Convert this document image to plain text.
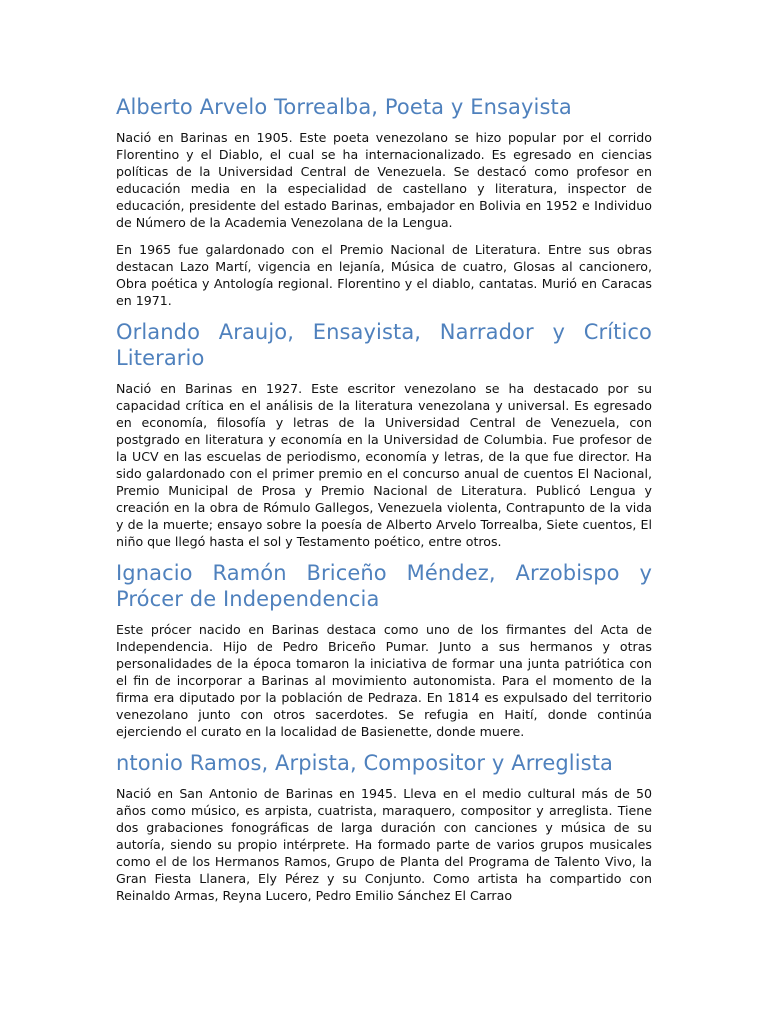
Alberto Arvelo Torrealba, Poeta y Ensayista

Nació en Barinas en 1905. Este poeta venezolano se hizo popular por el corrido Florentino y el Diablo, el cual se ha internacionalizado. Es egresado en ciencias políticas de la Universidad Central de Venezuela. Se destacó como profesor en educación media en la especialidad de castellano y literatura, inspector de educación, presidente del estado Barinas, embajador en Bolivia en 1952 e Individuo de Número de la Academia Venezolana de la Lengua.

En 1965 fue galardonado con el Premio Nacional de Literatura. Entre sus obras destacan Lazo Martí, vigencia en lejanía, Música de cuatro, Glosas al cancionero, Obra poética y Antología regional. Florentino y el diablo, cantatas. Murió en Caracas en 1971.

Orlando Araujo, Ensayista, Narrador y Crítico Literario

Nació en Barinas en 1927. Este escritor venezolano se ha destacado por su capacidad crítica en el análisis de la literatura venezolana y universal. Es egresado en economía, filosofía y letras de la Universidad Central de Venezuela, con postgrado en literatura y economía en la Universidad de Columbia. Fue profesor de la UCV en las escuelas de periodismo, economía y letras, de la que fue director. Ha sido galardonado con el primer premio en el concurso anual de cuentos El Nacional, Premio Municipal de Prosa y Premio Nacional de Literatura. Publicó Lengua y creación en la obra de Rómulo Gallegos, Venezuela violenta, Contrapunto de la vida y de la muerte; ensayo sobre la poesía de Alberto Arvelo Torrealba, Siete cuentos, El niño que llegó hasta el sol y Testamento poético, entre otros.

Ignacio Ramón Briceño Méndez, Arzobispo y Prócer de Independencia

Este prócer nacido en Barinas destaca como uno de los firmantes del Acta de Independencia. Hijo de Pedro Briceño Pumar. Junto a sus hermanos y otras personalidades de la época tomaron la iniciativa de formar una junta patriótica con el fin de incorporar a Barinas al movimiento autonomista. Para el momento de la firma era diputado por la población de Pedraza. En 1814 es expulsado del territorio venezolano junto con otros sacerdotes. Se refugia en Haití, donde continúa ejerciendo el curato en la localidad de Basienette, donde muere.

ntonio Ramos, Arpista, Compositor y Arreglista

Nació en San Antonio de Barinas en 1945. Lleva en el medio cultural más de 50 años como músico, es arpista, cuatrista, maraquero, compositor y arreglista. Tiene dos grabaciones fonográficas de larga duración con canciones y música de su autoría, siendo su propio intérprete. Ha formado parte de varios grupos musicales como el de los Hermanos Ramos, Grupo de Planta del Programa de Talento Vivo, la Gran Fiesta Llanera, Ely Pérez y su Conjunto. Como artista ha compartido con Reinaldo Armas, Reyna Lucero, Pedro Emilio Sánchez El Carrao
